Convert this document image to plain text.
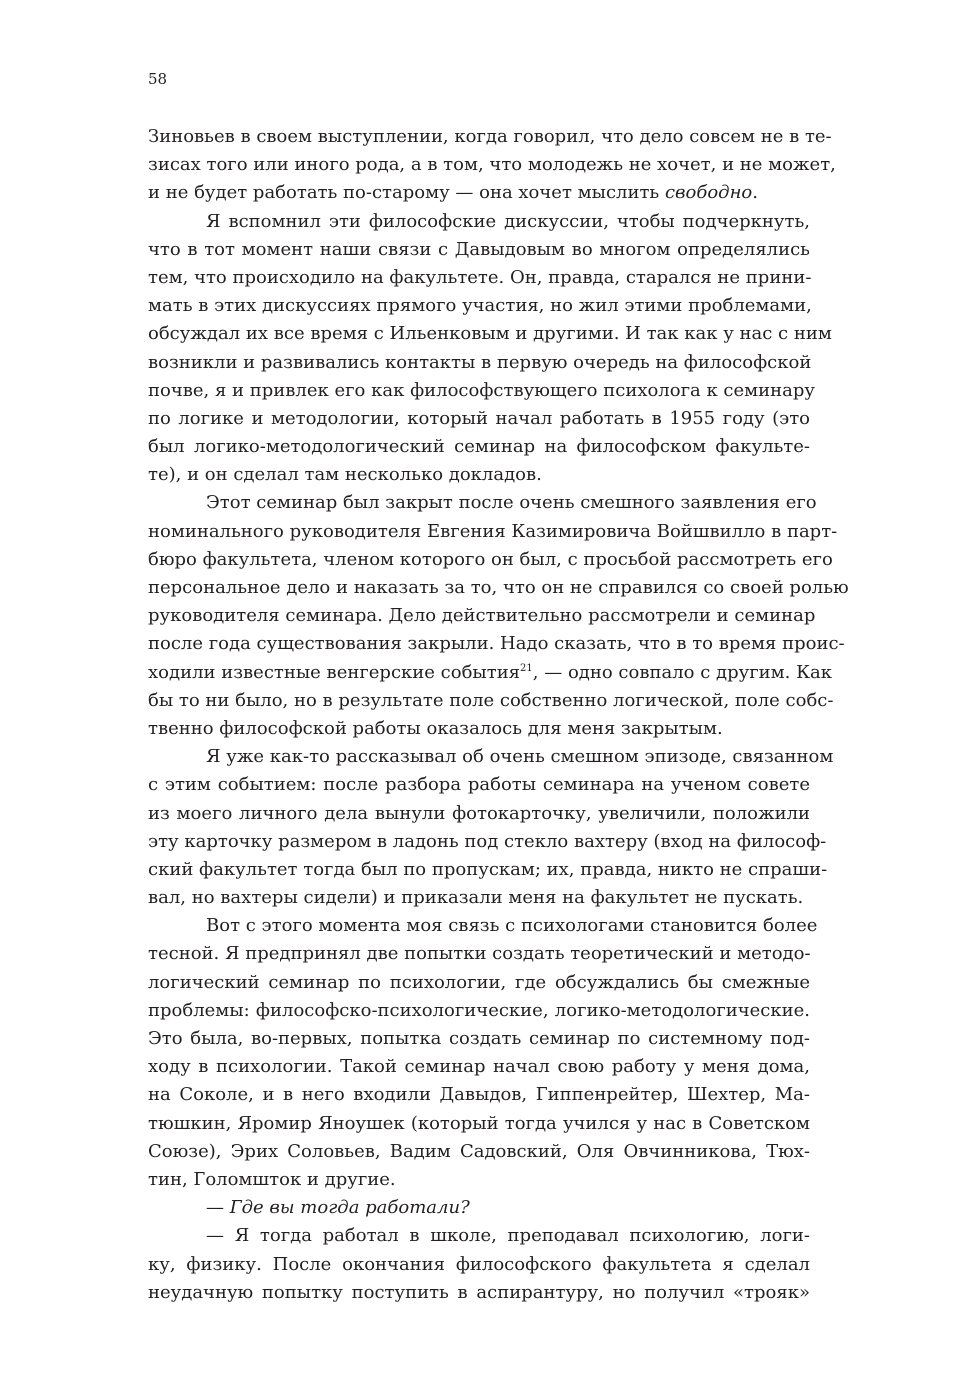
58
Зиновьев в своем выступлении, когда говорил, что дело совсем не в те-
зисах того или иного рода, а в том, что молодежь не хочет, и не может,
и не будет работать по-старому — она хочет мыслить свободно.
Я вспомнил эти философские дискуссии, чтобы подчеркнуть,
что в тот момент наши связи с Давыдовым во многом определялись
тем, что происходило на факультете. Он, правда, старался не прини-
мать в этих дискуссиях прямого участия, но жил этими проблемами,
обсуждал их все время с Ильенковым и другими. И так как у нас с ним
возникли и развивались контакты в первую очередь на философской
почве, я и привлек его как философствующего психолога к семинару
по логике и методологии, который начал работать в 1955 году (это
был логико-методологический семинар на философском факульте-
те), и он сделал там несколько докладов.
Этот семинар был закрыт после очень смешного заявления его
номинального руководителя Евгения Казимировича Войшвилло в парт-
бюро факультета, членом которого он был, с просьбой рассмотреть его
персональное дело и наказать за то, что он не справился со своей ролью
руководителя семинара. Дело действительно рассмотрели и семинар
после года существования закрыли. Надо сказать, что в то время проис-
ходили известные венгерские события$^{21}$, — одно совпало с другим. Как
бы то ни было, но в результате поле собственно логической, поле собс-
твенно философской работы оказалось для меня закрытым.
Я уже как-то рассказывал об очень смешном эпизоде, связанном
с этим событием: после разбора работы семинара на ученом совете
из моего личного дела вынули фотокарточку, увеличили, положили
эту карточку размером в ладонь под стекло вахтеру (вход на философ-
ский факультет тогда был по пропускам; их, правда, никто не спраши-
вал, но вахтеры сидели) и приказали меня на факультет не пускать.
Вот с этого момента моя связь с психологами становится более
тесной. Я предпринял две попытки создать теоретический и методо-
логический семинар по психологии, где обсуждались бы смежные
проблемы: философско-психологические, логико-методологические.
Это была, во-первых, попытка создать семинар по системному под-
ходу в психологии. Такой семинар начал свою работу у меня дома,
на Соколе, и в него входили Давыдов, Гиппенрейтер, Шехтер, Ма-
тюшкин, Яромир Яноушек (который тогда учился у нас в Советском
Союзе), Эрих Соловьев, Вадим Садовский, Оля Овчинникова, Тюх-
тин, Голомшток и другие.
— Где вы тогда работали?
— Я тогда работал в школе, преподавал психологию, логи-
ку, физику. После окончания философского факультета я сделал
неудачную попытку поступить в аспирантуру, но получил «трояк»
